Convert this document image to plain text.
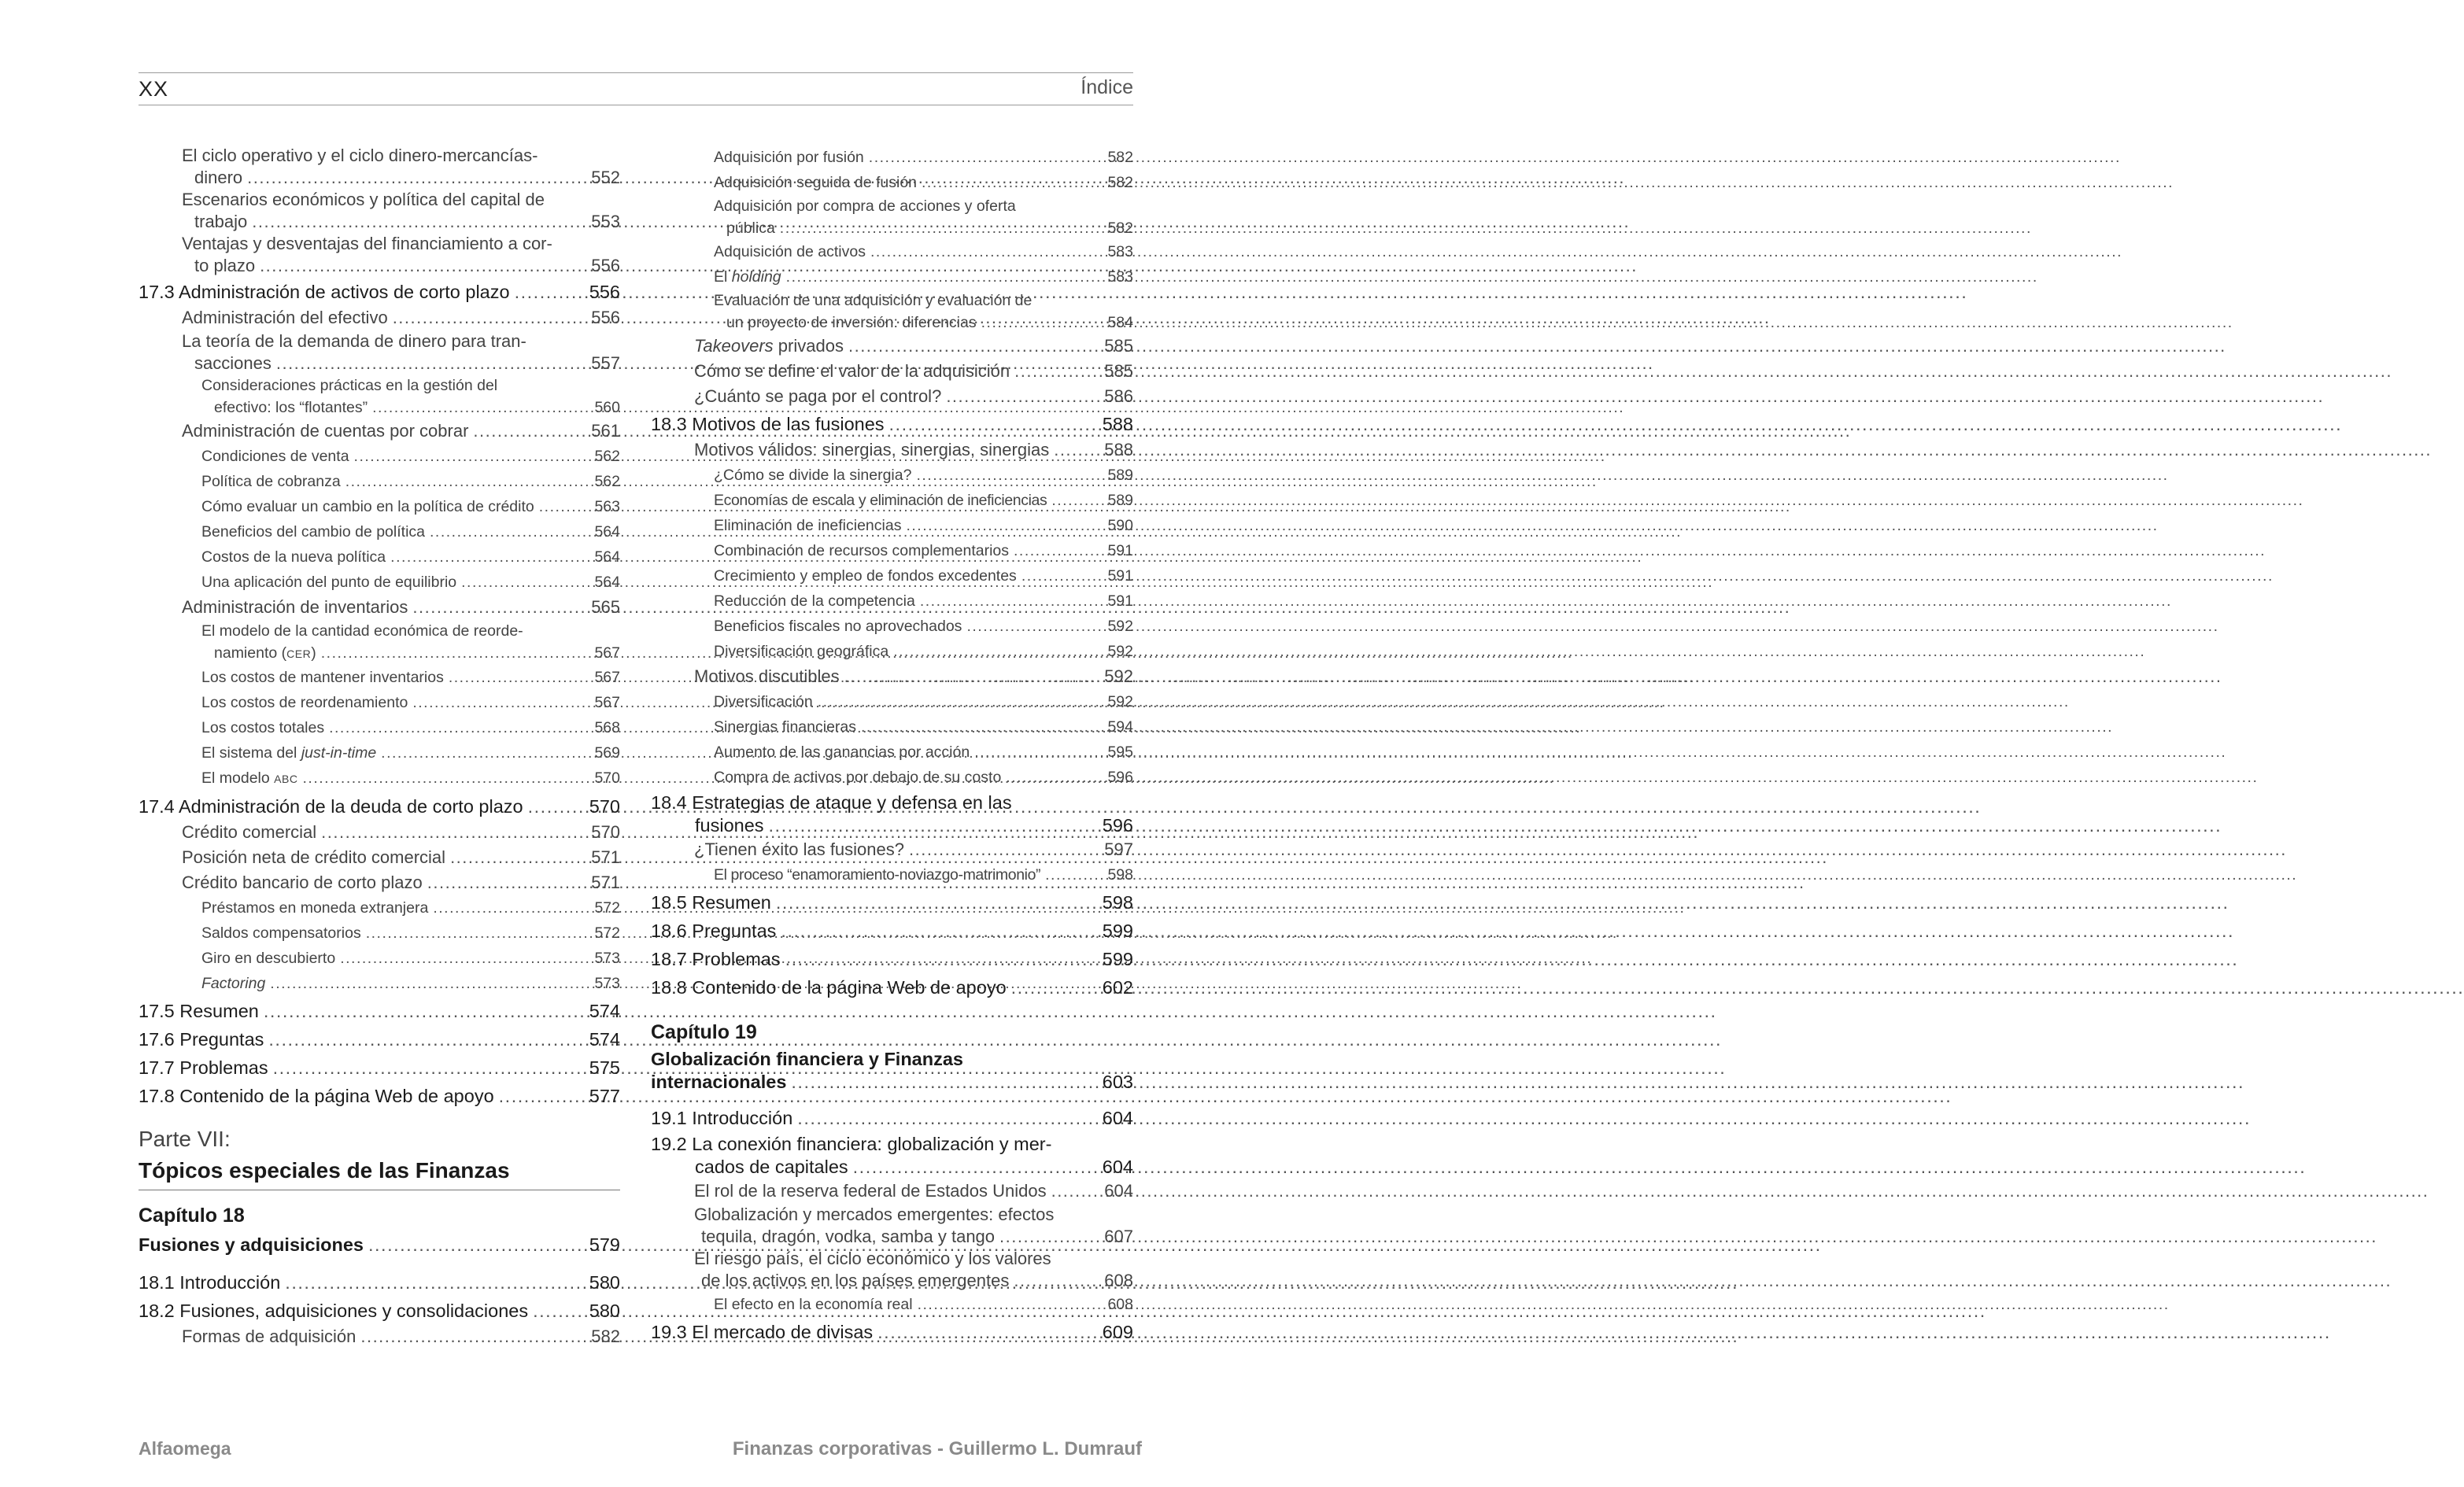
XX	Índice
El ciclo operativo y el ciclo dinero-mercancías-
dinero .....	552
Escenarios económicos y política del capital de
trabajo .....	553
Ventajas y desventajas del financiamiento a cor-
to plazo .....	556
17.3 Administración de activos de corto plazo .....	556
Administración del efectivo .....	556
La teoría de la demanda de dinero para tran-
sacciones .....	557
Consideraciones prácticas en la gestión del
efectivo: los “flotantes” .....	560
Administración de cuentas por cobrar .....	561
Condiciones de venta .....	562
Política de cobranza .....	562
Cómo evaluar un cambio en la política de crédito .....	563
Beneficios del cambio de política .....	564
Costos de la nueva política .....	564
Una aplicación del punto de equilibrio .....	564
Administración de inventarios .....	565
El modelo de la cantidad económica de reorde-
namiento (CER) .....	567
Los costos de mantener inventarios .....	567
Los costos de reordenamiento .....	567
Los costos totales .....	568
El sistema del just-in-time .....	569
El modelo ABC .....	570
17.4 Administración de la deuda de corto plazo .....	570
Crédito comercial .....	570
Posición neta de crédito comercial .....	571
Crédito bancario de corto plazo .....	571
Préstamos en moneda extranjera .....	572
Saldos compensatorios .....	572
Giro en descubierto .....	573
Factoring .....	573
17.5 Resumen .....	574
17.6 Preguntas .....	574
17.7 Problemas .....	575
17.8 Contenido de la página Web de apoyo .....	577
Parte VII:
Tópicos especiales de las Finanzas
Capítulo 18
Fusiones y adquisiciones .....	579
18.1 Introducción .....	580
18.2 Fusiones, adquisiciones y consolidaciones .....	580
Formas de adquisición .....	582
Adquisición por fusión .....	582
Adquisición seguida de fusión .....	582
Adquisición por compra de acciones y oferta
pública .....	582
Adquisición de activos .....	583
El holding .....	583
Evaluación de una adquisición y evaluación de
un proyecto de inversión: diferencias .....	584
Takeovers privados .....	585
Cómo se define el valor de la adquisición .....	585
¿Cuánto se paga por el control? .....	586
18.3 Motivos de las fusiones .....	588
Motivos válidos: sinergias, sinergias, sinergias .....	588
¿Cómo se divide la sinergia? .....	589
Economías de escala y eliminación de ineficiencias .....	589
Eliminación de ineficiencias .....	590
Combinación de recursos complementarios .....	591
Crecimiento y empleo de fondos excedentes .....	591
Reducción de la competencia .....	591
Beneficios fiscales no aprovechados .....	592
Diversificación geográfica .....	592
Motivos discutibles .....	592
Diversificación .....	592
Sinergias financieras .....	594
Aumento de las ganancias por acción .....	595
Compra de activos por debajo de su costo .....	596
18.4 Estrategias de ataque y defensa en las
fusiones .....	596
¿Tienen éxito las fusiones? .....	597
El proceso “enamoramiento-noviazgo-matrimonio” .....	598
18.5 Resumen .....	598
18.6 Preguntas .....	599
18.7 Problemas .....	599
18.8 Contenido de la página Web de apoyo .....	602
Capítulo 19
Globalización financiera y Finanzas
internacionales .....	603
19.1 Introducción .....	604
19.2 La conexión financiera: globalización y mer-
cados de capitales .....	604
El rol de la reserva federal de Estados Unidos .....	604
Globalización y mercados emergentes: efectos
tequila, dragón, vodka, samba y tango .....	607
El riesgo país, el ciclo económico y los valores
de los activos en los países emergentes .....	608
El efecto en la economía real .....	608
19.3 El mercado de divisas .....	609
Alfaomega	Finanzas corporativas - Guillermo L. Dumrauf
